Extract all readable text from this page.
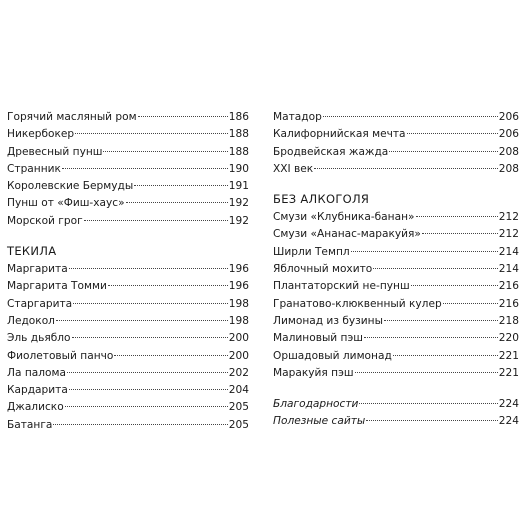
Горячий масляный ром	186
Никербокер	188
Древесный пунш	188
Странник	190
Королевские Бермуды	191
Пунш от «Фиш-хаус»	192
Морской грог	192
ТЕКИЛА
Маргарита	196
Маргарита Томми	196
Старгарита	198
Ледокол	198
Эль дьябло	200
Фиолетовый панчо	200
Ла палома	202
Кардарита	204
Джалиско	205
Батанга	205
Матадор	206
Калифорнийская мечта	206
Бродвейская жажда	208
XXI век	208
БЕЗ АЛКОГОЛЯ
Смузи «Клубника-банан»	212
Смузи «Ананас-маракуйя»	212
Ширли Темпл	214
Яблочный мохито	214
Плантаторский не-пунш	216
Гранатово-клюквенный кулер	216
Лимонад из бузины	218
Малиновый пэш	220
Оршадовый лимонад	221
Маракуйя пэш	221
Благодарности	224
Полезные сайты	224
